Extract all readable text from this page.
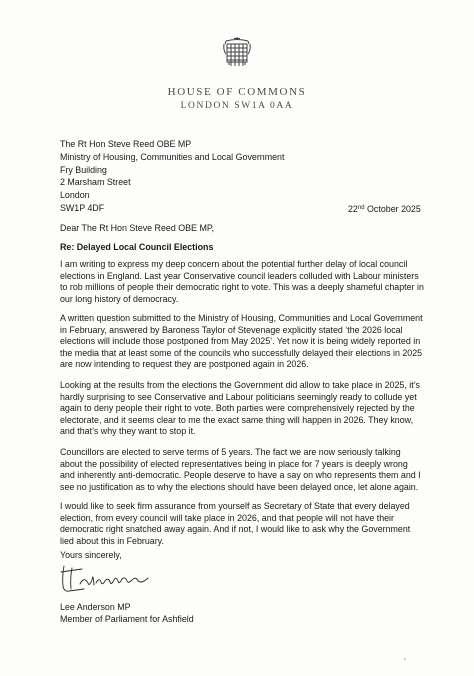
HOUSE OF COMMONS
LONDON SW1A 0AA
The Rt Hon Steve Reed OBE MP
Ministry of Housing, Communities and Local Government
Fry Building
2 Marsham Street
London
SW1P 4DF	22nd October 2025
Dear The Rt Hon Steve Reed OBE MP,
Re: Delayed Local Council Elections
I am writing to express my deep concern about the potential further delay of local council
elections in England. Last year Conservative council leaders colluded with Labour ministers
to rob millions of people their democratic right to vote. This was a deeply shameful chapter in
our long history of democracy.
A written question submitted to the Ministry of Housing, Communities and Local Government
in February, answered by Baroness Taylor of Stevenage explicitly stated ‘the 2026 local
elections will include those postponed from May 2025’. Yet now it is being widely reported in
the media that at least some of the councils who successfully delayed their elections in 2025
are now intending to request they are postponed again in 2026.
Looking at the results from the elections the Government did allow to take place in 2025, it’s
hardly surprising to see Conservative and Labour politicians seemingly ready to collude yet
again to deny people their right to vote. Both parties were comprehensively rejected by the
electorate, and it seems clear to me the exact same thing will happen in 2026. They know,
and that’s why they want to stop it.
Councillors are elected to serve terms of 5 years. The fact we are now seriously talking
about the possibility of elected representatives being in place for 7 years is deeply wrong
and inherently anti-democratic. People deserve to have a say on who represents them and I
see no justification as to why the elections should have been delayed once, let alone again.
I would like to seek firm assurance from yourself as Secretary of State that every delayed
election, from every council will take place in 2026, and that people will not have their
democratic right snatched away again. And if not, I would like to ask why the Government
lied about this in February.
Yours sincerely,
Lee Anderson MP
Member of Parliament for Ashfield
